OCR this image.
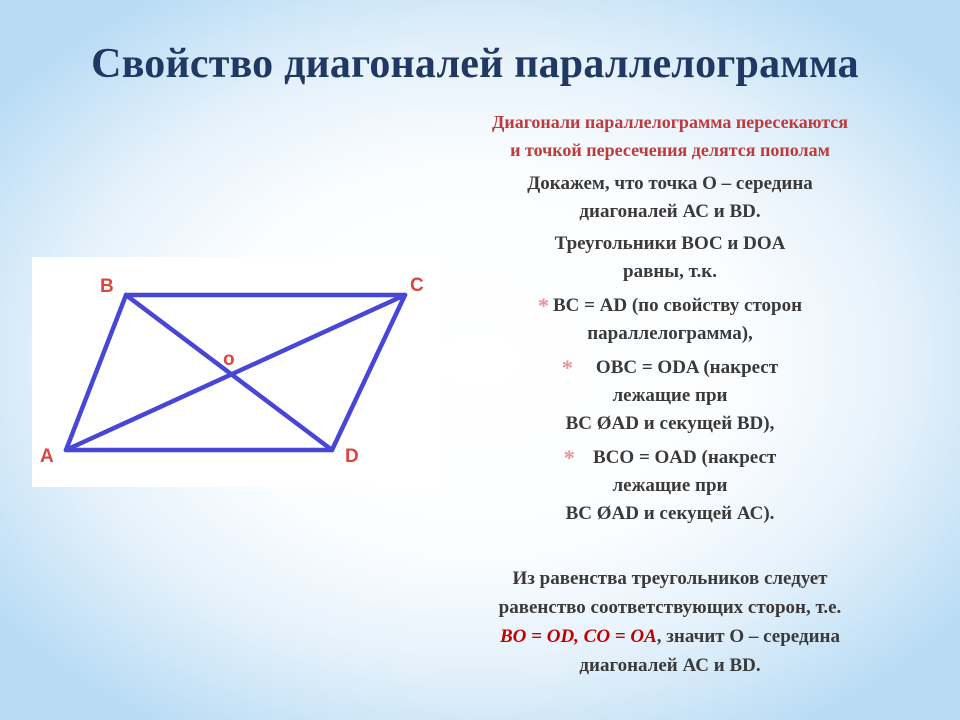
Свойство диагоналей параллелограмма
B	C
A	D
o
Диагонали параллелограмма пересекаются
и точкой пересечения делятся пополам
Докажем, что точка О – середина
диагоналей АС и BD.
Треугольники ВОС и DOA
равны, т.к.
* ВС = AD (по свойству сторон
параллелограмма),
* OBC = ODA (накрест
лежащие при
ВС ØAD и секущей BD),
* BCO = OAD (накрест
лежащие при
BC ØAD и секущей АС).
Из равенства треугольников следует
равенство соответствующих сторон, т.е.
BO = OD, CO = OA, значит О – середина
диагоналей АС и BD.
